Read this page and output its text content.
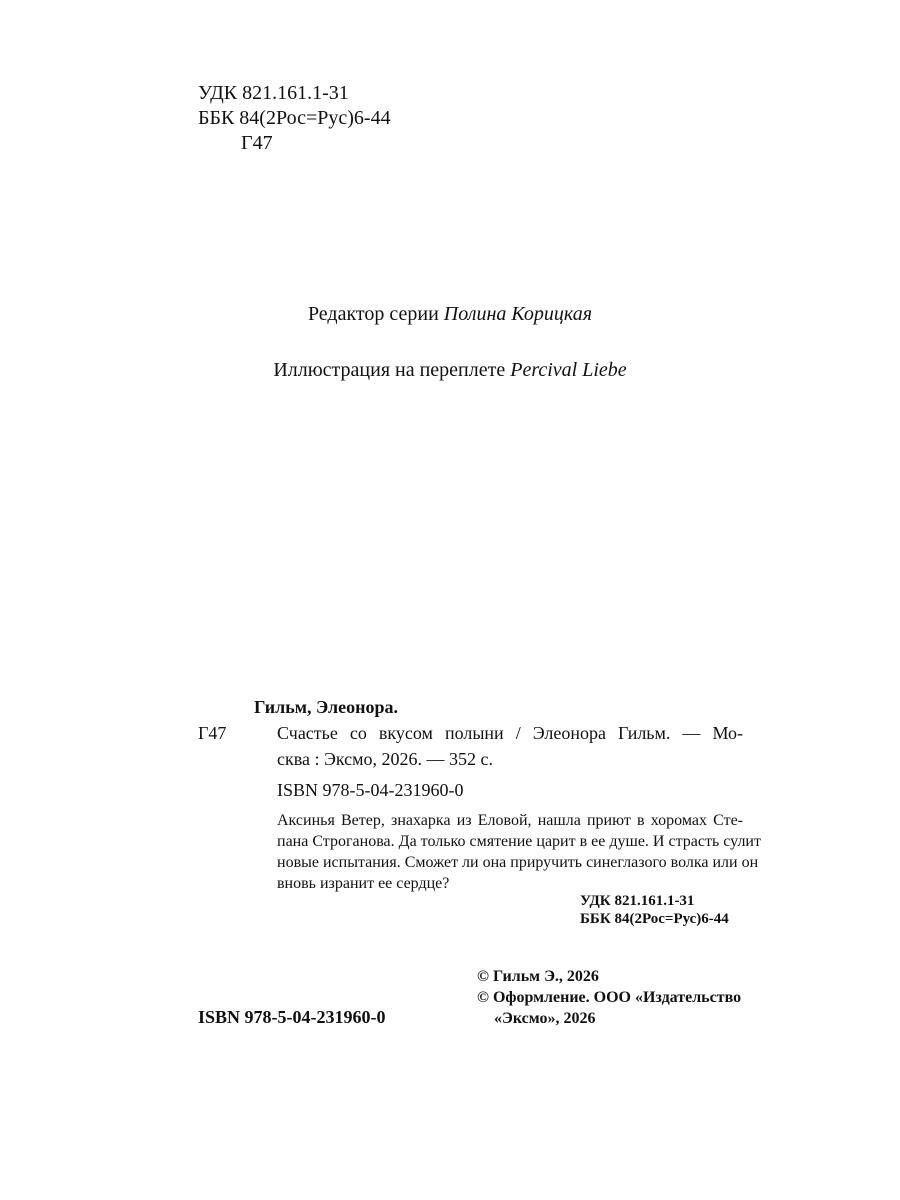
УДК 821.161.1-31
ББК 84(2Рос=Рус)6-44
Г47
Редактор серии Полина Корицкая
Иллюстрация на переплете Percival Liebe
Гильм, Элеонора.
Г47	Счастье со вкусом полыни / Элеонора Гильм. — Мо-
сква : Эксмо, 2026. — 352 с.
ISBN 978-5-04-231960-0
Аксинья Ветер, знахарка из Еловой, нашла приют в хоромах Сте-
пана Строганова. Да только смятение царит в ее душе. И страсть сулит
новые испытания. Сможет ли она приручить синеглазого волка или он
вновь изранит ее сердце?
УДК 821.161.1-31
ББК 84(2Рос=Рус)6-44
ISBN 978-5-04-231960-0
© Гильм Э., 2026
© Оформление. ООО «Издательство
«Эксмо», 2026
